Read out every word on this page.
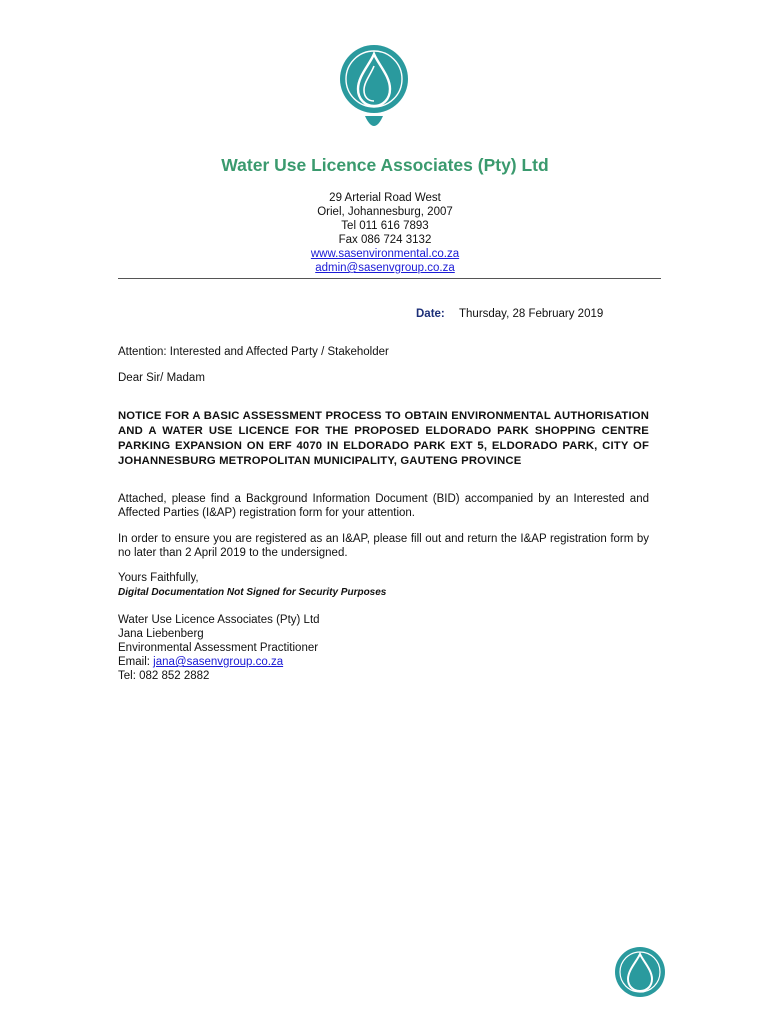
Water Use Licence Associates (Pty) Ltd
29 Arterial Road West
Oriel, Johannesburg, 2007
Tel 011 616 7893
Fax 086 724 3132
www.sasenvironmental.co.za
admin@sasenvgroup.co.za
Date: Thursday, 28 February 2019
Attention: Interested and Affected Party / Stakeholder
Dear Sir/ Madam
NOTICE FOR A BASIC ASSESSMENT PROCESS TO OBTAIN ENVIRONMENTAL AUTHORISATION AND A WATER USE LICENCE FOR THE PROPOSED ELDORADO PARK SHOPPING CENTRE PARKING EXPANSION ON ERF 4070 IN ELDORADO PARK EXT 5, ELDORADO PARK, CITY OF JOHANNESBURG METROPOLITAN MUNICIPALITY, GAUTENG PROVINCE
Attached, please find a Background Information Document (BID) accompanied by an Interested and Affected Parties (I&AP) registration form for your attention.
In order to ensure you are registered as an I&AP, please fill out and return the I&AP registration form by no later than 2 April 2019 to the undersigned.
Yours Faithfully,
Digital Documentation Not Signed for Security Purposes
Water Use Licence Associates (Pty) Ltd
Jana Liebenberg
Environmental Assessment Practitioner
Email: jana@sasenvgroup.co.za
Tel: 082 852 2882
